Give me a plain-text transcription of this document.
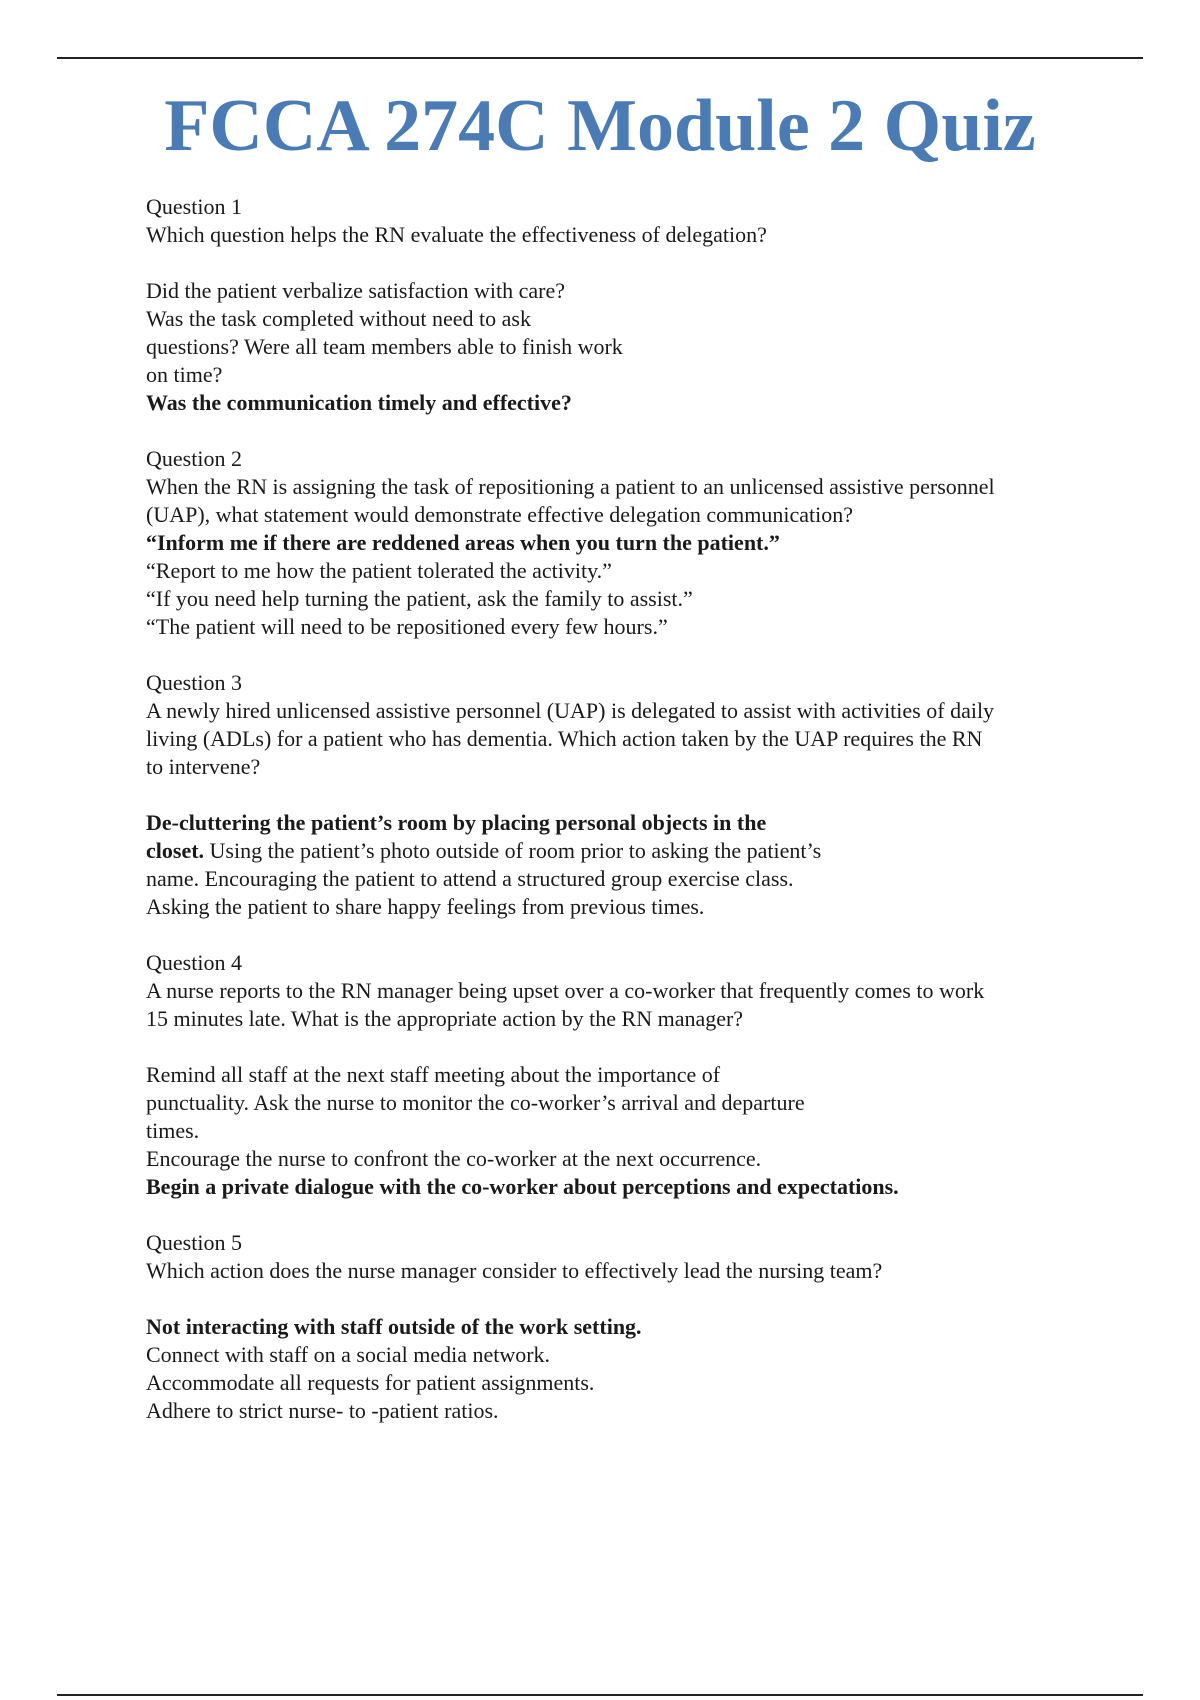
FCCA 274C Module 2 Quiz
Question 1
Which question helps the RN evaluate the effectiveness of delegation?
Did the patient verbalize satisfaction with care?
Was the task completed without need to ask
questions? Were all team members able to finish work
on time?
Was the communication timely and effective?
Question 2
When the RN is assigning the task of repositioning a patient to an unlicensed assistive personnel
(UAP), what statement would demonstrate effective delegation communication?
“Inform me if there are reddened areas when you turn the patient.”
“Report to me how the patient tolerated the activity.”
“If you need help turning the patient, ask the family to assist.”
“The patient will need to be repositioned every few hours.”
Question 3
A newly hired unlicensed assistive personnel (UAP) is delegated to assist with activities of daily
living (ADLs) for a patient who has dementia. Which action taken by the UAP requires the RN
to intervene?
De-cluttering the patient’s room by placing personal objects in the
closet. Using the patient’s photo outside of room prior to asking the patient’s
name. Encouraging the patient to attend a structured group exercise class.
Asking the patient to share happy feelings from previous times.
Question 4
A nurse reports to the RN manager being upset over a co-worker that frequently comes to work
15 minutes late. What is the appropriate action by the RN manager?
Remind all staff at the next staff meeting about the importance of
punctuality. Ask the nurse to monitor the co-worker’s arrival and departure
times.
Encourage the nurse to confront the co-worker at the next occurrence.
Begin a private dialogue with the co-worker about perceptions and expectations.
Question 5
Which action does the nurse manager consider to effectively lead the nursing team?
Not interacting with staff outside of the work setting.
Connect with staff on a social media network.
Accommodate all requests for patient assignments.
Adhere to strict nurse- to -patient ratios.
